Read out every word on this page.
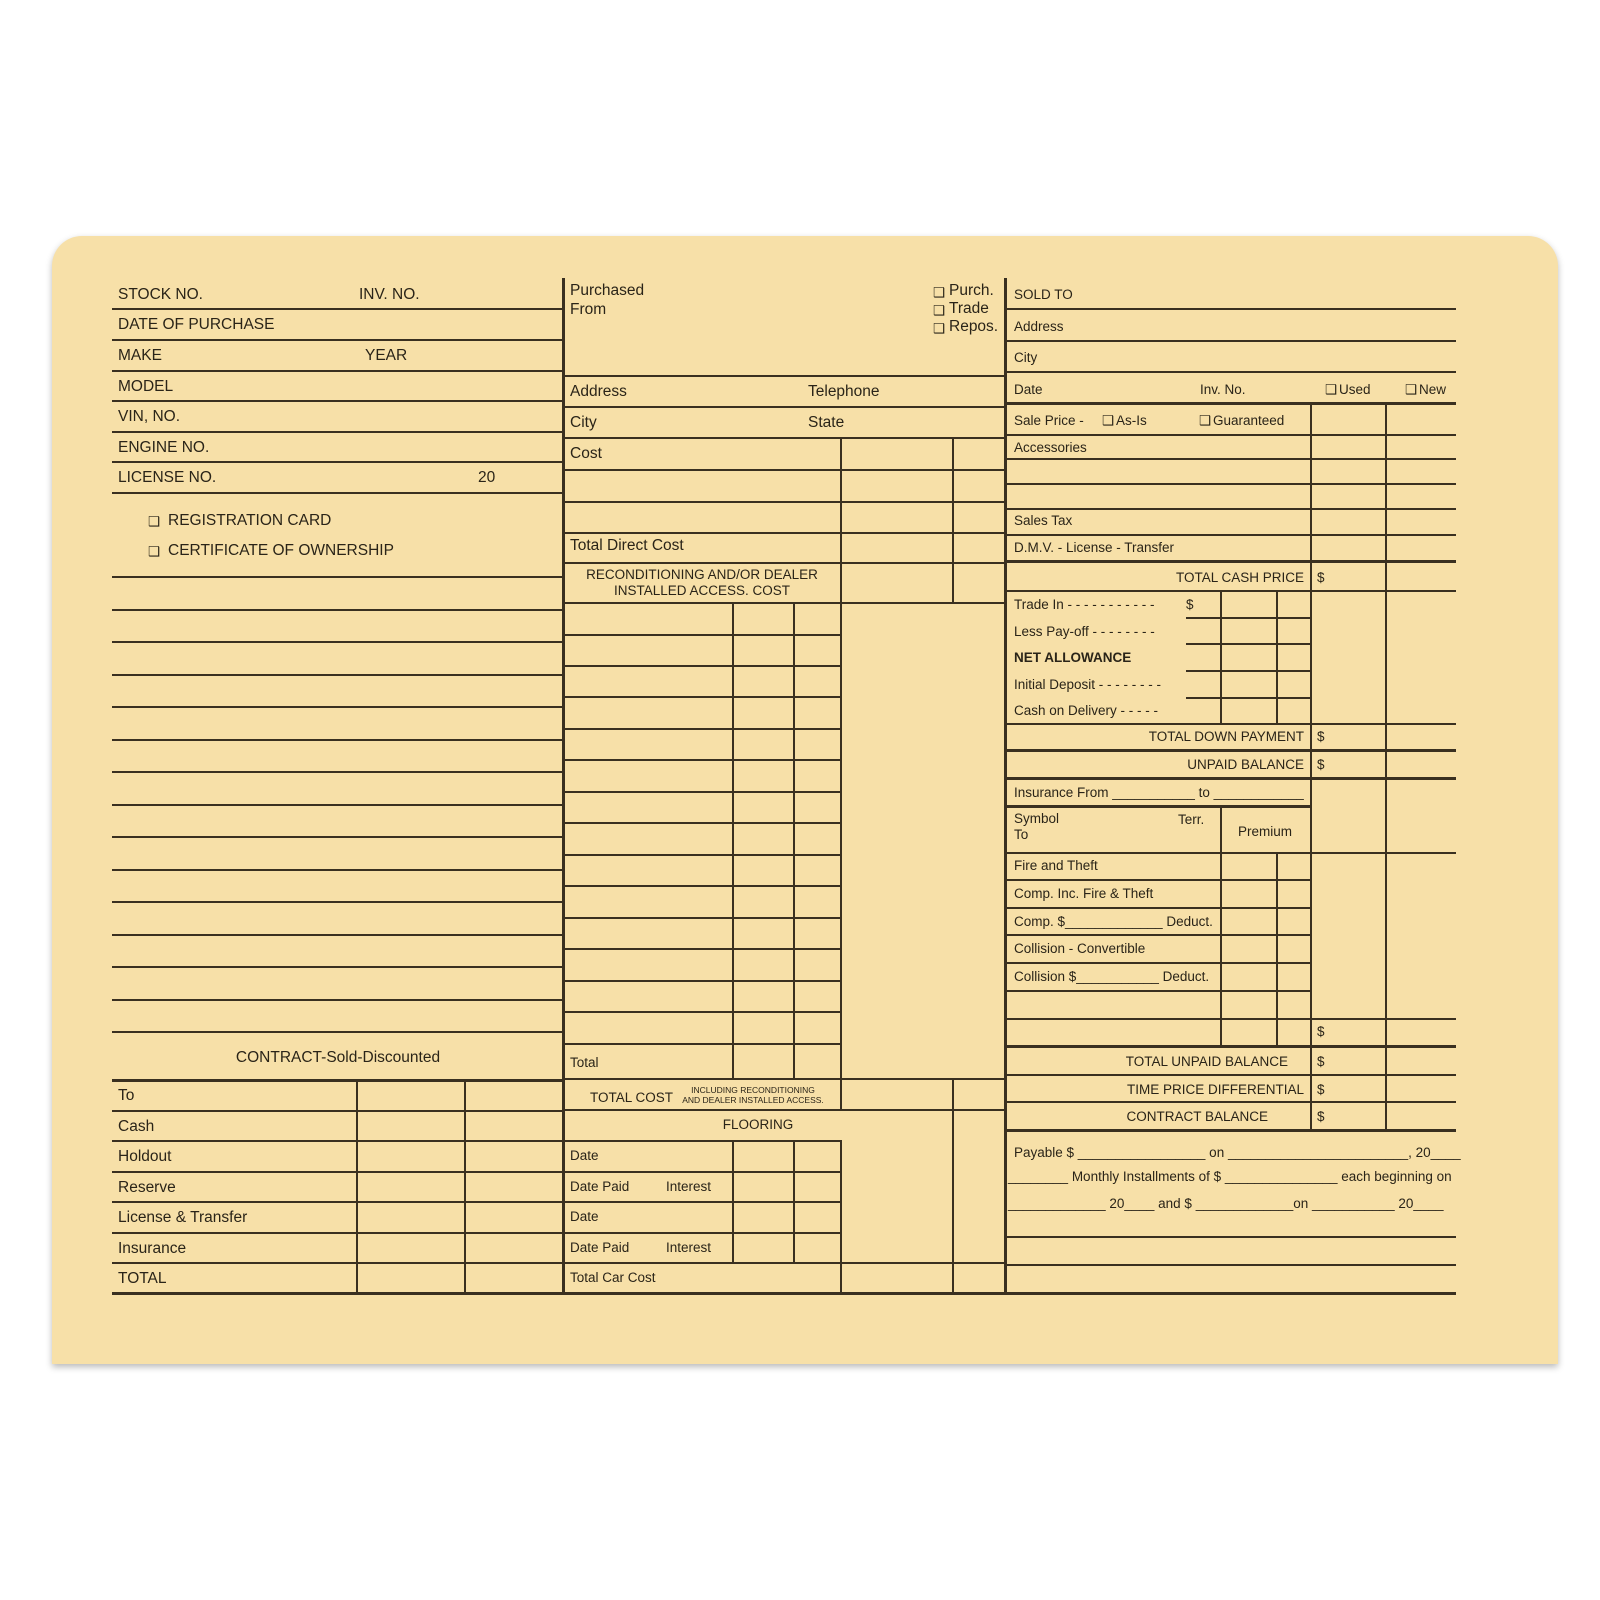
STOCK NO.	INV. NO.
DATE OF PURCHASE
MAKE	YEAR
MODEL
VIN, NO.
ENGINE NO.
LICENSE NO.	20
❑ REGISTRATION CARD
❑ CERTIFICATE OF OWNERSHIP
CONTRACT-Sold-Discounted
To
Cash
Holdout
Reserve
License & Transfer
Insurance
TOTAL
Purchased
From
❑ Purch.
❑ Trade
❑ Repos.
Address	Telephone
City	State
Cost
Total Direct Cost
RECONDITIONING AND/OR DEALER
INSTALLED ACCESS. COST
Total
TOTAL COST	INCLUDING RECONDITIONING
AND DEALER INSTALLED ACCESS.
FLOORING
Date
Date Paid	Interest
Date
Date Paid	Interest
Total Car Cost
SOLD TO
Address
City
Date	Inv. No.	❑ Used	❑ New
Sale Price - ❑ As-Is	❑ Guaranteed
Accessories
Sales Tax
D.M.V. - License - Transfer
TOTAL CASH PRICE $
Trade In - - - - - - - - - - - $
Less Pay-off - - - - - - - -
NET ALLOWANCE
Initial Deposit - - - - - - - -
Cash on Delivery - - - - -
TOTAL DOWN PAYMENT $
UNPAID BALANCE $
Insurance From ___________ to ____________
Symbol
To
Terr.
Premium
Fire and Theft
Comp. Inc. Fire & Theft
Comp. $_____________ Deduct.
Collision - Convertible
Collision $___________ Deduct.
$
TOTAL UNPAID BALANCE $
TIME PRICE DIFFERENTIAL $
CONTRACT BALANCE	$
Payable $ _________________ on ________________________, 20____
________ Monthly Installments of $ _______________ each beginning on
_____________ 20____ and $ _____________on ___________ 20____
